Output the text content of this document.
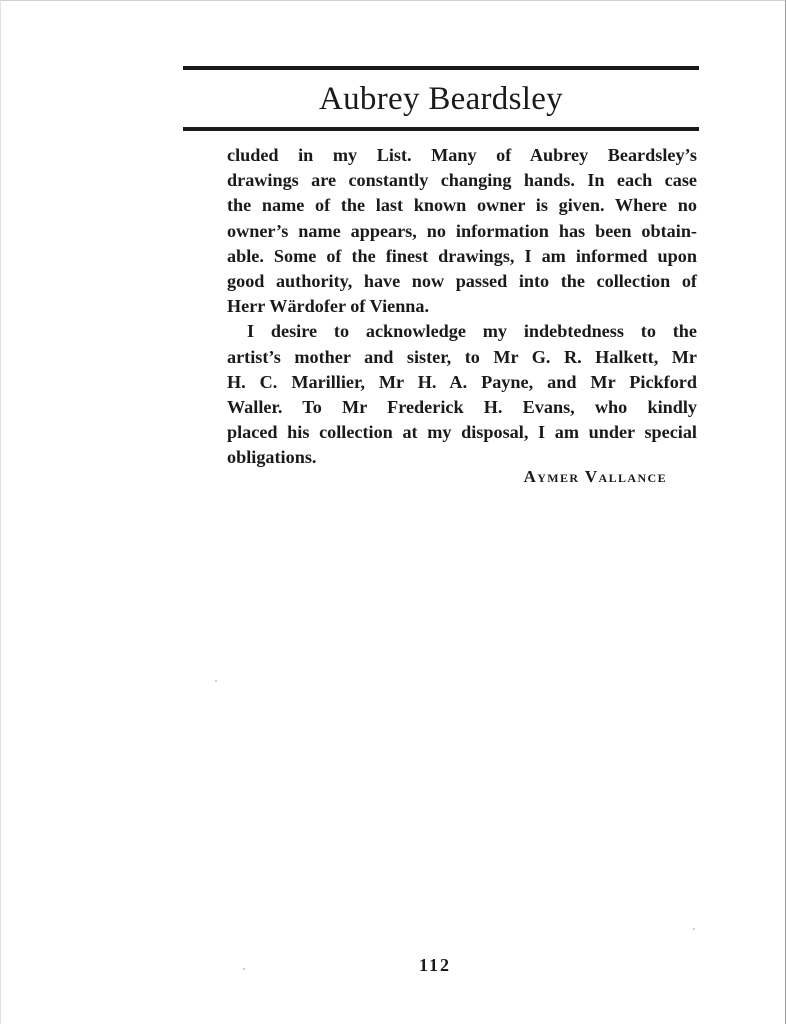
Aubrey Beardsley
cluded in my List. Many of Aubrey Beardsley’s
drawings are constantly changing hands. In each case
the name of the last known owner is given. Where no
owner’s name appears, no information has been obtain-
able. Some of the finest drawings, I am informed upon
good authority, have now passed into the collection of
Herr Wärdofer of Vienna.
I desire to acknowledge my indebtedness to the
artist’s mother and sister, to Mr G. R. Halkett, Mr
H. C. Marillier, Mr H. A. Payne, and Mr Pickford
Waller. To Mr Frederick H. Evans, who kindly
placed his collection at my disposal, I am under special
obligations.
Aymer Vallance
112
